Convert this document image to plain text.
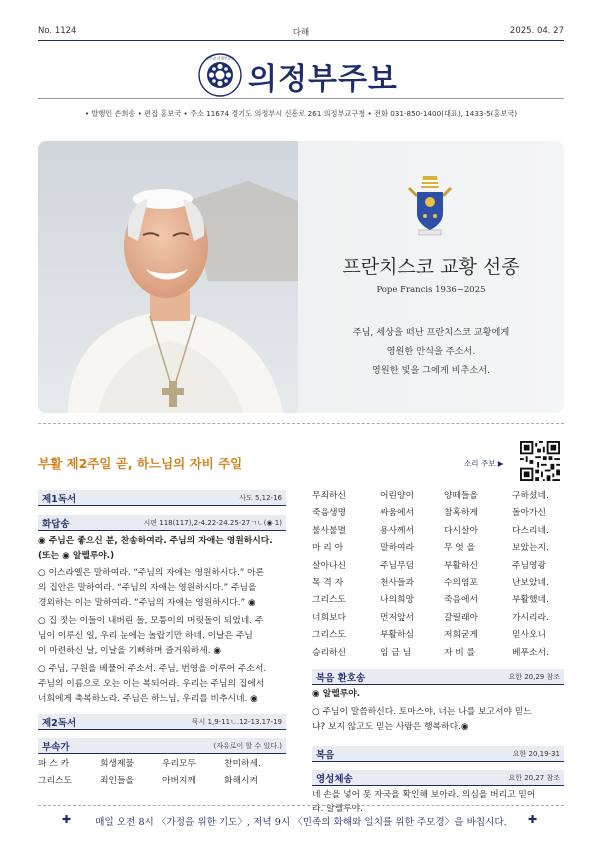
No. 1124	다해	2025. 04. 27
천주교 의정부교구
의정부주보
• 발행인 손희송 • 편집 홍보국 • 주소 11674 경기도 의정부시 신흥로 261 의정부교구청 • 전화 031-850-1400(대표), 1433-5(홍보국)
프란치스코 교황 선종
Pope Francis 1936~2025
주님, 세상을 떠난 프란치스코 교황에게
영원한 안식을 주소서.
영원한 빛을 그에게 비추소서.
부활 제2주일 곧, 하느님의 자비 주일	소리 주보 ▶
제1독서	사도 5,12-16
화답송	시편 118(117),2-4.22-24.25-27ㄱㄴ(◉ 1)
◉ 주님은 좋으신 분, 찬송하여라. 주님의 자애는 영원하시다.
(또는 ◉ 알렐루야.)
○ 이스라엘은 말하여라. “주님의 자애는 영원하시다.” 아론
의 집안은 말하여라. “주님의 자애는 영원하시다.” 주님을
경외하는 이는 말하여라. “주님의 자애는 영원하시다.” ◉
○ 집 짓는 이들이 내버린 돌, 모퉁이의 머릿돌이 되었네. 주
님이 이루신 일, 우리 눈에는 놀랍기만 하네. 이날은 주님
이 마련하신 날, 이날을 기뻐하며 즐거워하세. ◉
○ 주님, 구원을 베풀어 주소서. 주님, 번영을 이루어 주소서.
주님의 이름으로 오는 이는 복되어라. 우리는 주님의 집에서
너희에게 축복하노라. 주님은 하느님, 우리를 비추시네. ◉
제2독서	묵시 1,9-11ㄴ.12-13.17-19
부속가	(자유로이 할 수 있다.)
파 스 카	희생제물	우리모두	찬미하세.
그리스도	죄인들을	아버지께	화해시켜
무죄하신	어린양이	양떼들을	구하셨네.
죽음생명	싸움에서	참혹하게	돌아가신
불사불멸	용사께서	다시살아	다스리네.
마 리 아	말하여라	무 엇 을	보았는지.
살아나신	주님무덤	부활하신	주님영광
목 격 자	천사들과	수의염포	난보았네.
그리스도	나의희망	죽음에서	부활했네.
너희보다	먼저앞서	갈릴래아	가시리라.
그리스도	부활하심	저희굳게	믿사오니
승리하신	임 금 님	자 비 를	베푸소서.
복음 환호송	요한 20,29 참조
◉ 알렐루야.
○ 주님이 말씀하신다. 토마스야, 너는 나를 보고서야 믿느
냐? 보지 않고도 믿는 사람은 행복하다.◉
복음	요한 20,19-31
영성체송	요한 20,27 참조
네 손을 넣어 못 자국을 확인해 보아라. 의심을 버리고 믿어
라. 알렐루야.
✚	매일 오전 8시 〈가정을 위한 기도〉, 저녁 9시 〈민족의 화해와 일치를 위한 주모경〉을 바칩시다.	✚
